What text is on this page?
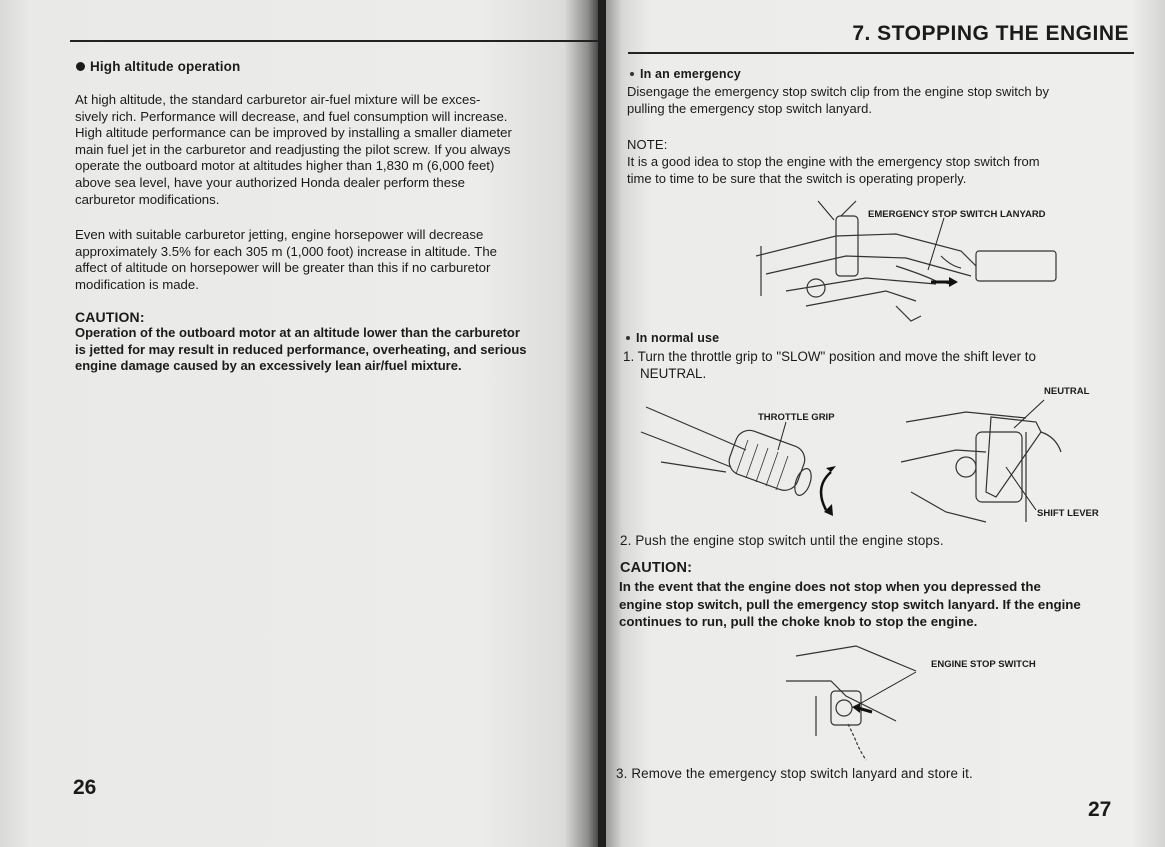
High altitude operation

At high altitude, the standard carburetor air-fuel mixture will be exces-
sively rich. Performance will decrease, and fuel consumption will increase.
High altitude performance can be improved by installing a smaller diameter
main fuel jet in the carburetor and readjusting the pilot screw. If you always
operate the outboard motor at altitudes higher than 1,830 m (6,000 feet)
above sea level, have your authorized Honda dealer perform these
carburetor modifications.
Even with suitable carburetor jetting, engine horsepower will decrease
approximately 3.5% for each 305 m (1,000 foot) increase in altitude. The
affect of altitude on horsepower will be greater than this if no carburetor
modification is made.

CAUTION:

Operation of the outboard motor at an altitude lower than the carburetor
is jetted for may result in reduced performance, overheating, and serious
engine damage caused by an excessively lean air/fuel mixture.

26

7. STOPPING THE ENGINE

In an emergency

Disengage the emergency stop switch clip from the engine stop switch by
pulling the emergency stop switch lanyard.

NOTE:

It is a good idea to stop the engine with the emergency stop switch from
time to time to be sure that the switch is operating properly.
EMERGENCY STOP SWITCH LANYARD

In normal use

1. Turn the throttle grip to "SLOW" position and move the shift lever to
NEUTRAL.
THROTTLE GRIP
NEUTRAL
SHIFT LEVER

2. Push the engine stop switch until the engine stops.

CAUTION:

In the event that the engine does not stop when you depressed the
engine stop switch, pull the emergency stop switch lanyard. If the engine
continues to run, pull the choke knob to stop the engine.
ENGINE STOP SWITCH

3. Remove the emergency stop switch lanyard and store it.

27
